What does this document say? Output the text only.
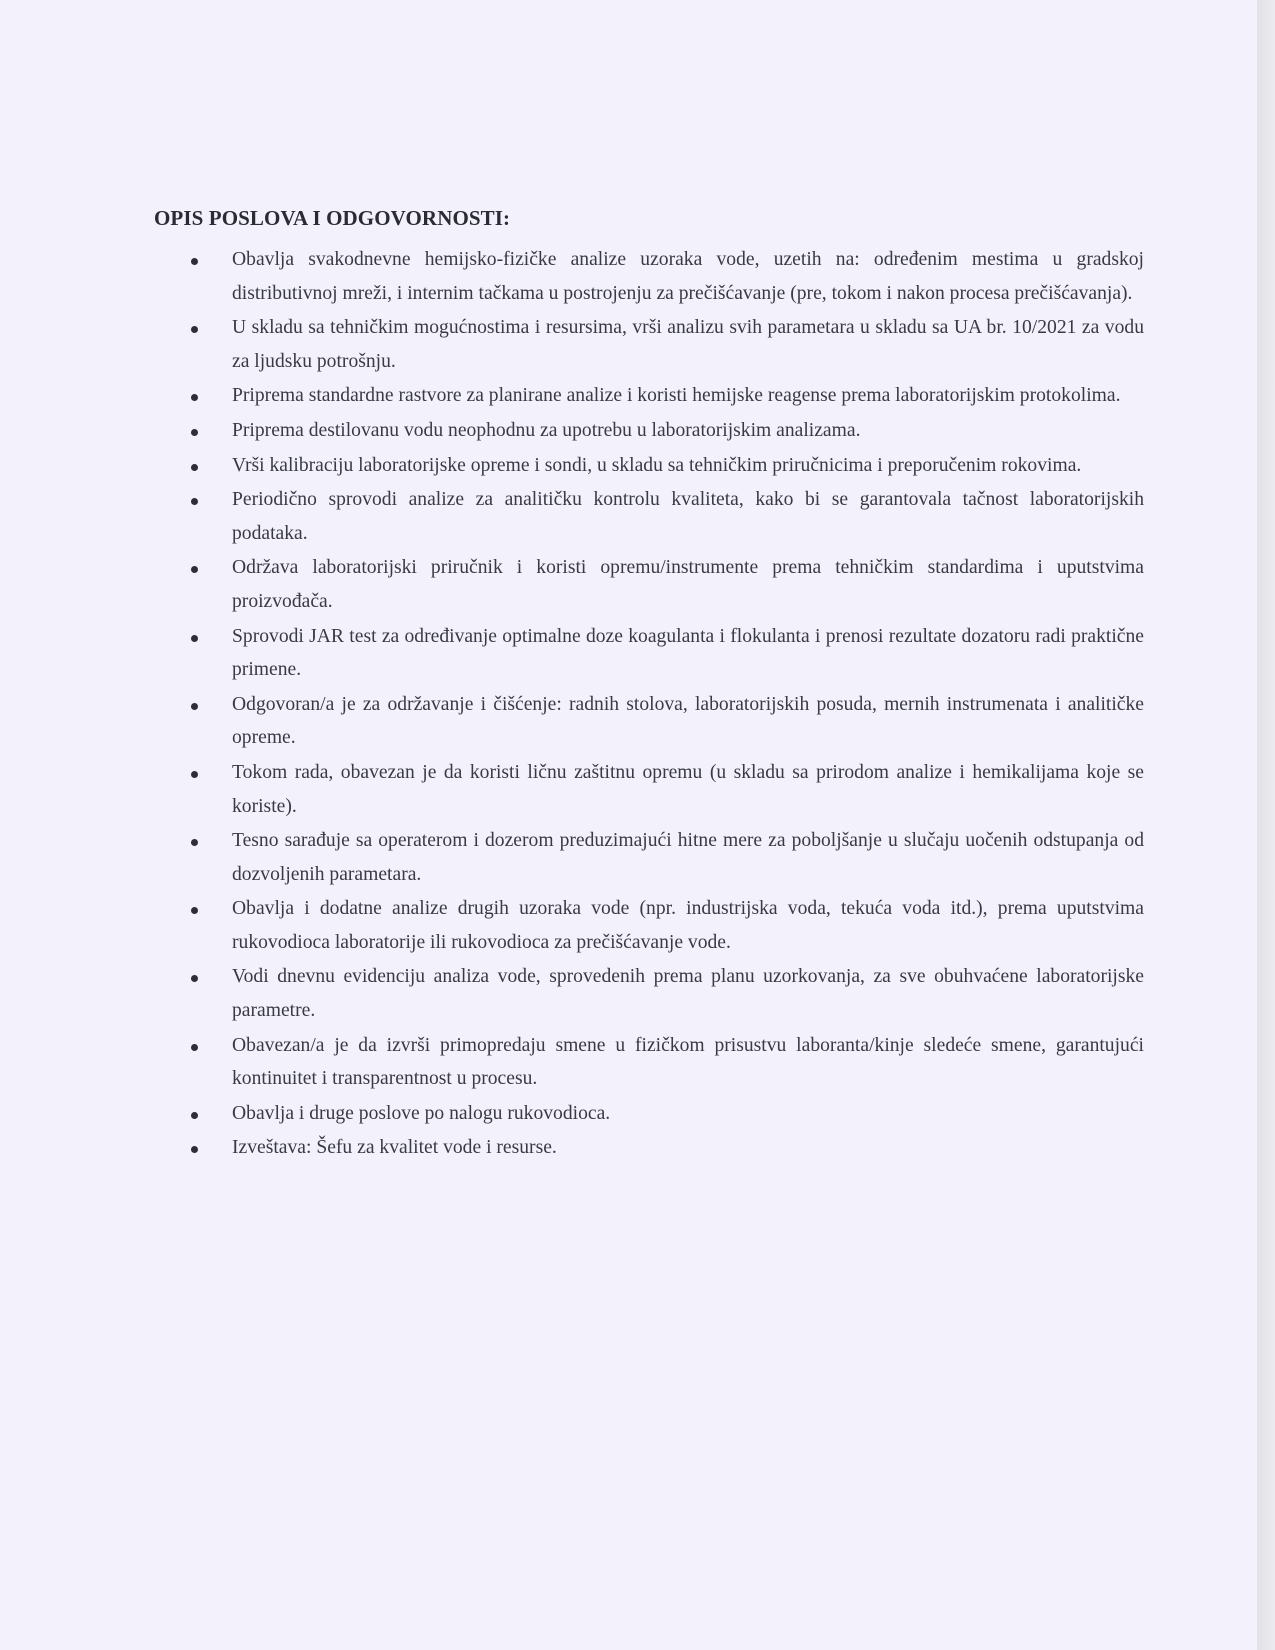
OPIS POSLOVA I ODGOVORNOSTI:
Obavlja svakodnevne hemijsko-fizičke analize uzoraka vode, uzetih na: određenim mestima u gradskoj distributivnoj mreži, i internim tačkama u postrojenju za prečišćavanje (pre, tokom i nakon procesa prečišćavanja).
U skladu sa tehničkim mogućnostima i resursima, vrši analizu svih parametara u skladu sa UA br. 10/2021 za vodu za ljudsku potrošnju.
Priprema standardne rastvore za planirane analize i koristi hemijske reagense prema laboratorijskim protokolima.
Priprema destilovanu vodu neophodnu za upotrebu u laboratorijskim analizama.
Vrši kalibraciju laboratorijske opreme i sondi, u skladu sa tehničkim priručnicima i preporučenim rokovima.
Periodično sprovodi analize za analitičku kontrolu kvaliteta, kako bi se garantovala tačnost laboratorijskih podataka.
Održava laboratorijski priručnik i koristi opremu/instrumente prema tehničkim standardima i uputstvima proizvođača.
Sprovodi JAR test za određivanje optimalne doze koagulanta i flokulanta i prenosi rezultate dozatoru radi praktične primene.
Odgovoran/a je za održavanje i čišćenje: radnih stolova, laboratorijskih posuda, mernih instrumenata i analitičke opreme.
Tokom rada, obavezan je da koristi ličnu zaštitnu opremu (u skladu sa prirodom analize i hemikalijama koje se koriste).
Tesno sarađuje sa operaterom i dozerom preduzimajući hitne mere za poboljšanje u slučaju uočenih odstupanja od dozvoljenih parametara.
Obavlja i dodatne analize drugih uzoraka vode (npr. industrijska voda, tekuća voda itd.), prema uputstvima rukovodioca laboratorije ili rukovodioca za prečišćavanje vode.
Vodi dnevnu evidenciju analiza vode, sprovedenih prema planu uzorkovanja, za sve obuhvaćene laboratorijske parametre.
Obavezan/a je da izvrši primopredaju smene u fizičkom prisustvu laboranta/kinje sledeće smene, garantujući kontinuitet i transparentnost u procesu.
Obavlja i druge poslove po nalogu rukovodioca.
Izveštava: Šefu za kvalitet vode i resurse.
